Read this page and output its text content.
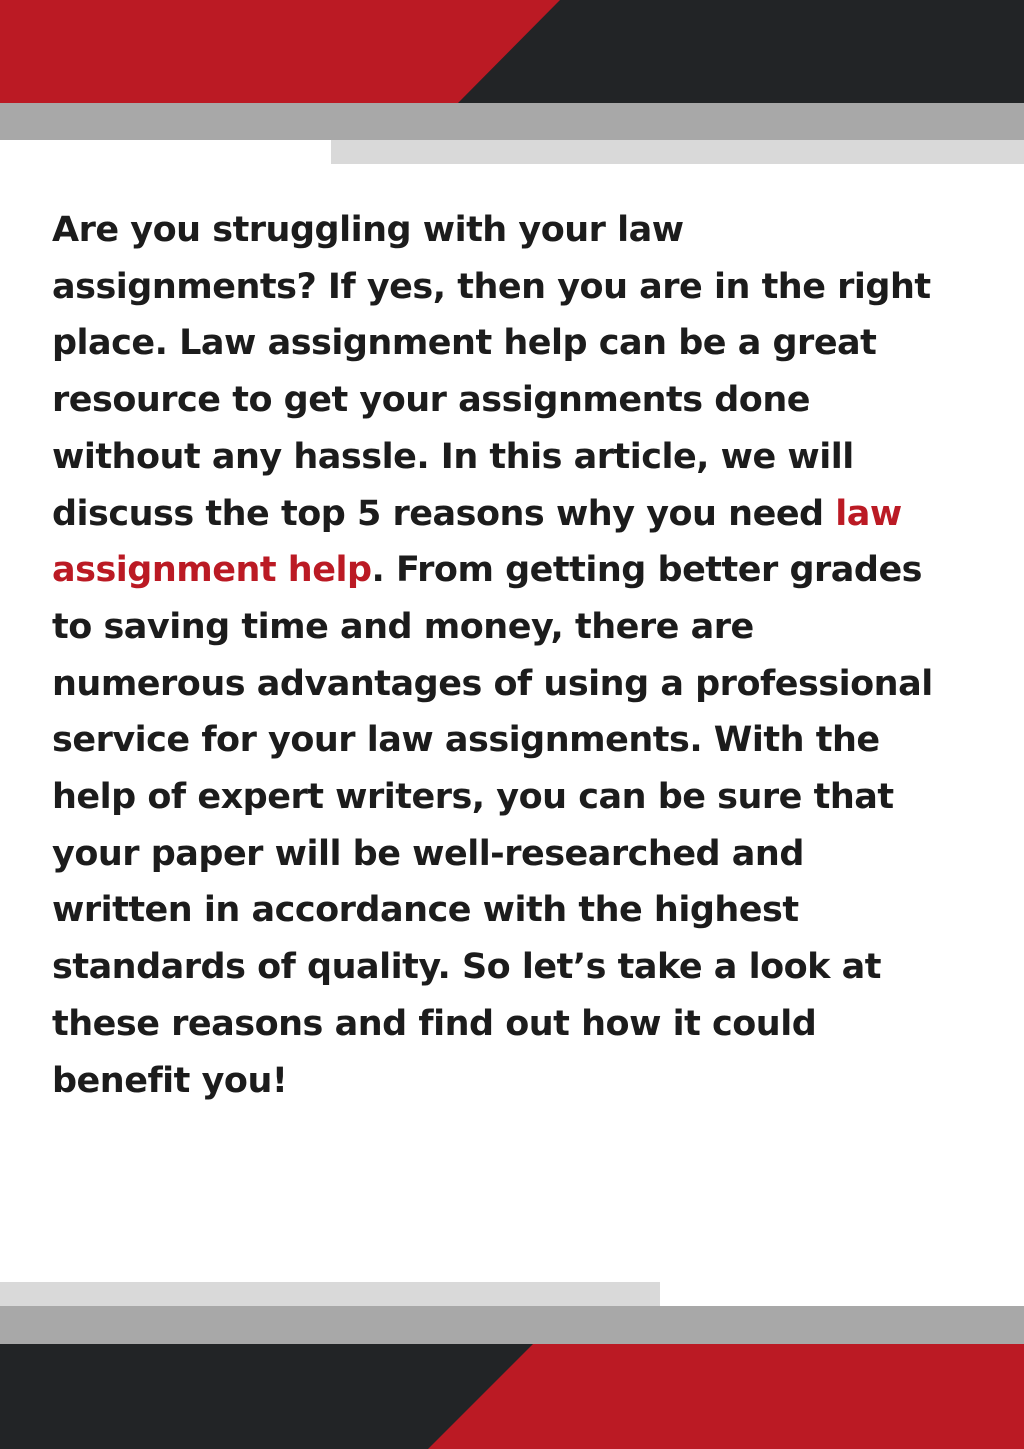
Are you struggling with your law
assignments? If yes, then you are in the right
place. Law assignment help can be a great
resource to get your assignments done
without any hassle. In this article, we will
discuss the top 5 reasons why you need law
assignment help. From getting better grades
to saving time and money, there are
numerous advantages of using a professional
service for your law assignments. With the
help of expert writers, you can be sure that
your paper will be well-researched and
written in accordance with the highest
standards of quality. So let’s take a look at
these reasons and find out how it could
benefit you!
